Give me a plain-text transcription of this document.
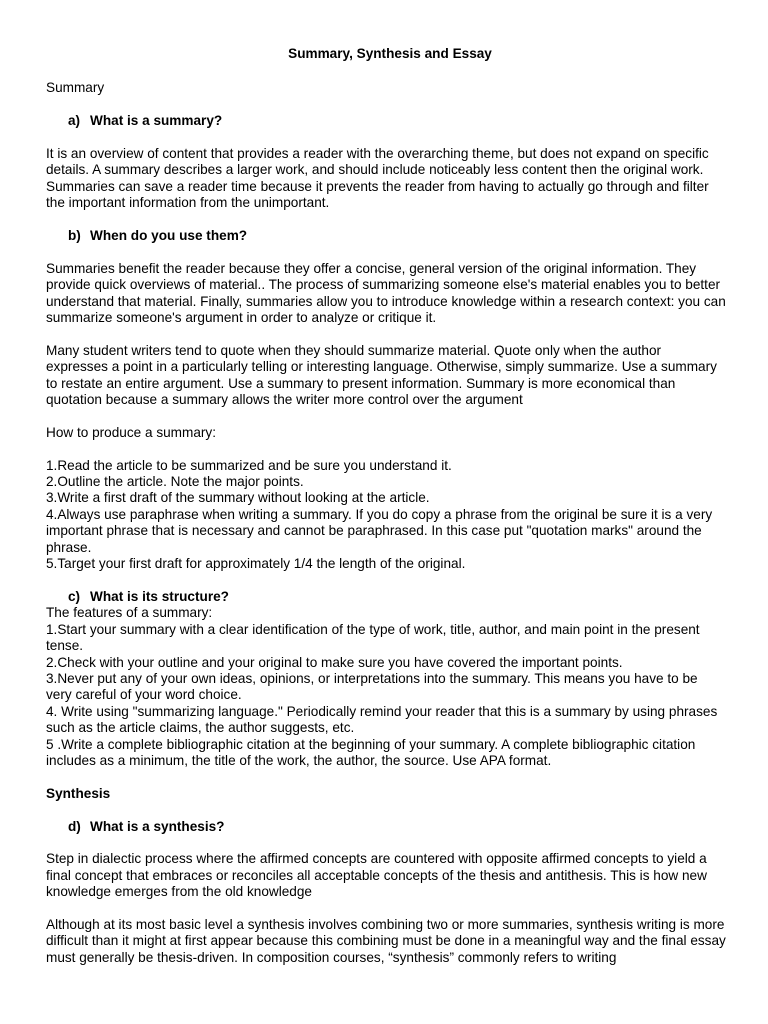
Summary, Synthesis and Essay

Summary

a) What is a summary?

It is an overview of content that provides a reader with the overarching theme, but does not expand on specific details. A summary describes a larger work, and should include noticeably less content then the original work. Summaries can save a reader time because it prevents the reader from having to actually go through and filter the important information from the unimportant.

b) When do you use them?

Summaries benefit the reader because they offer a concise, general version of the original information. They provide quick overviews of material.. The process of summarizing someone else's material enables you to better understand that material. Finally, summaries allow you to introduce knowledge within a research context: you can summarize someone's argument in order to analyze or critique it.

Many student writers tend to quote when they should summarize material. Quote only when the author expresses a point in a particularly telling or interesting language. Otherwise, simply summarize. Use a summary to restate an entire argument. Use a summary to present information. Summary is more economical than quotation because a summary allows the writer more control over the argument

How to produce a summary:

1.Read the article to be summarized and be sure you understand it.

2.Outline the article. Note the major points.

3.Write a first draft of the summary without looking at the article.

4.Always use paraphrase when writing a summary. If you do copy a phrase from the original be sure it is a very important phrase that is necessary and cannot be paraphrased. In this case put "quotation marks" around the phrase.

5.Target your first draft for approximately 1/4 the length of the original.

c) What is its structure?

The features of a summary:

1.Start your summary with a clear identification of the type of work, title, author, and main point in the present tense.

2.Check with your outline and your original to make sure you have covered the important points.

3.Never put any of your own ideas, opinions, or interpretations into the summary. This means you have to be very careful of your word choice.

4. Write using "summarizing language." Periodically remind your reader that this is a summary by using phrases such as the article claims, the author suggests, etc.

5 .Write a complete bibliographic citation at the beginning of your summary. A complete bibliographic citation includes as a minimum, the title of the work, the author, the source. Use APA format.

Synthesis

d) What is a synthesis?

Step in dialectic process where the affirmed concepts are countered with opposite affirmed concepts to yield a final concept that embraces or reconciles all acceptable concepts of the thesis and antithesis. This is how new knowledge emerges from the old knowledge

Although at its most basic level a synthesis involves combining two or more summaries, synthesis writing is more difficult than it might at first appear because this combining must be done in a meaningful way and the final essay must generally be thesis-driven. In composition courses, “synthesis” commonly refers to writing
